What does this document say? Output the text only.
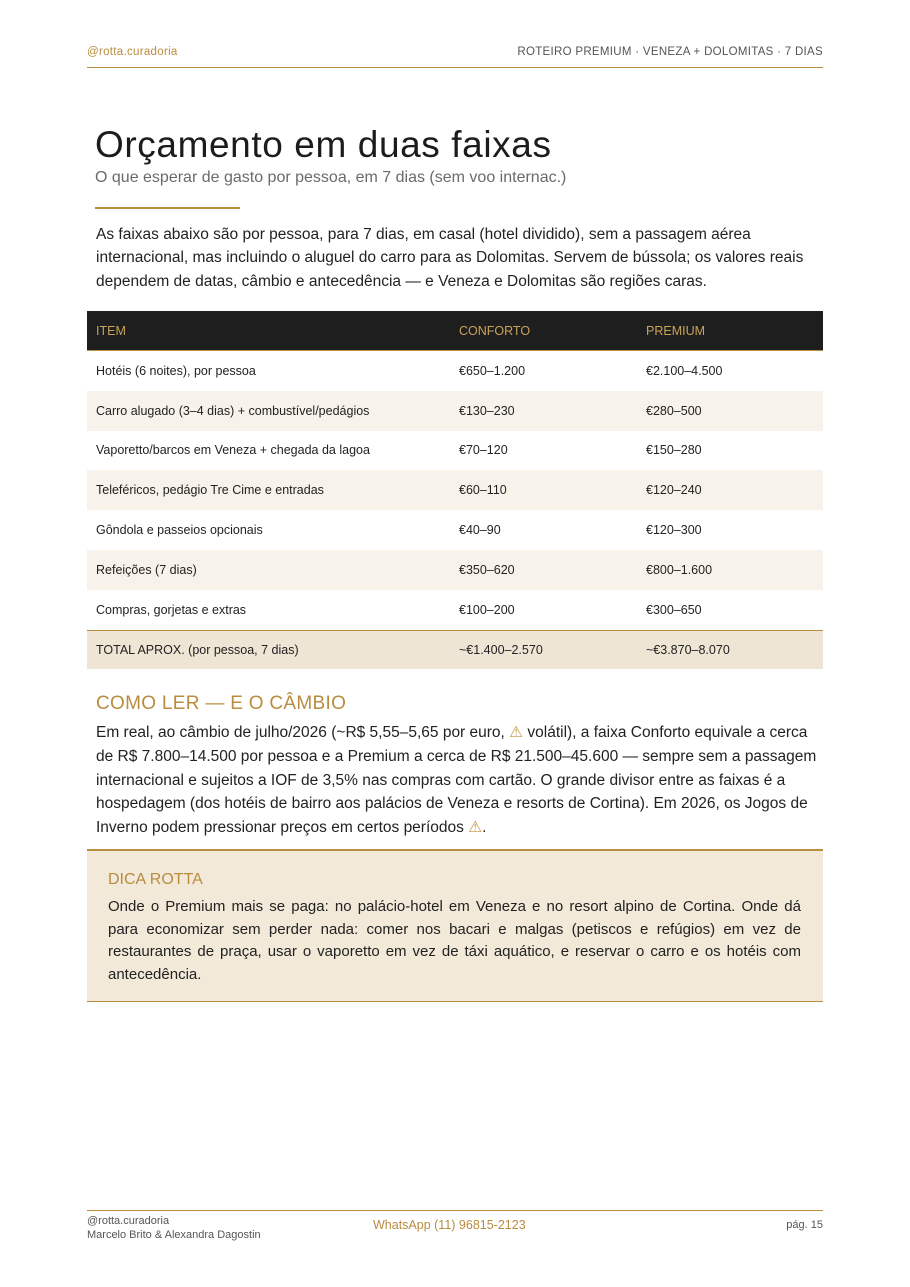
@rotta.curadoria	ROTEIRO PREMIUM · VENEZA + DOLOMITAS · 7 DIAS
Orçamento em duas faixas
O que esperar de gasto por pessoa, em 7 dias (sem voo internac.)

As faixas abaixo são por pessoa, para 7 dias, em casal (hotel dividido), sem a passagem aérea internacional, mas incluindo o aluguel do carro para as Dolomitas. Servem de bússola; os valores reais dependem de datas, câmbio e antecedência — e Veneza e Dolomitas são regiões caras.

ITEM	CONFORTO	PREMIUM
Hotéis (6 noites), por pessoa	€650–1.200	€2.100–4.500
Carro alugado (3–4 dias) + combustível/pedágios	€130–230	€280–500
Vaporetto/barcos em Veneza + chegada da lagoa	€70–120	€150–280
Teleféricos, pedágio Tre Cime e entradas	€60–110	€120–240
Gôndola e passeios opcionais	€40–90	€120–300
Refeições (7 dias)	€350–620	€800–1.600
Compras, gorjetas e extras	€100–200	€300–650
TOTAL APROX. (por pessoa, 7 dias)	~€1.400–2.570	~€3.870–8.070
COMO LER — E O CÂMBIO
Em real, ao câmbio de julho/2026 (~R$ 5,55–5,65 por euro, ⚠ volátil), a faixa Conforto equivale a cerca de R$ 7.800–14.500 por pessoa e a Premium a cerca de R$ 21.500–45.600 — sempre sem a passagem internacional e sujeitos a IOF de 3,5% nas compras com cartão. O grande divisor entre as faixas é a hospedagem (dos hotéis de bairro aos palácios de Veneza e resorts de Cortina). Em 2026, os Jogos de Inverno podem pressionar preços em certos períodos ⚠.
DICA ROTTA
Onde o Premium mais se paga: no palácio-hotel em Veneza e no resort alpino de Cortina. Onde dá para economizar sem perder nada: comer nos bacari e malgas (petiscos e refúgios) em vez de restaurantes de praça, usar o vaporetto em vez de táxi aquático, e reservar o carro e os hotéis com antecedência.
@rotta.curadoria
Marcelo Brito & Alexandra Dagostin
WhatsApp (11) 96815-2123	pág. 15
